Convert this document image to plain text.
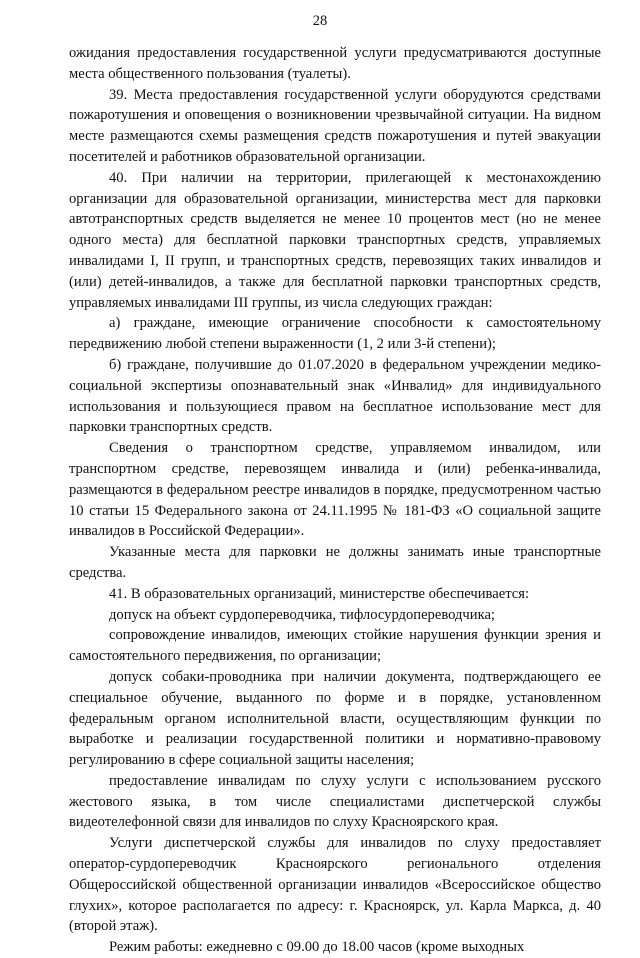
28

ожидания предоставления государственной услуги предусматриваются доступные места общественного пользования (туалеты).

39. Места предоставления государственной услуги оборудуются средствами пожаротушения и оповещения о возникновении чрезвычайной ситуации. На видном месте размещаются схемы размещения средств пожаротушения и путей эвакуации посетителей и работников образовательной организации.

40. При наличии на территории, прилегающей к местонахождению организации для образовательной организации, министерства мест для парковки автотранспортных средств выделяется не менее 10 процентов мест (но не менее одного места) для бесплатной парковки транспортных средств, управляемых инвалидами I, II групп, и транспортных средств, перевозящих таких инвалидов и (или) детей-инвалидов, а также для бесплатной парковки транспортных средств, управляемых инвалидами III группы, из числа следующих граждан:

а) граждане, имеющие ограничение способности к самостоятельному передвижению любой степени выраженности (1, 2 или 3-й степени);

б) граждане, получившие до 01.07.2020 в федеральном учреждении медико-социальной экспертизы опознавательный знак «Инвалид» для индивидуального использования и пользующиеся правом на бесплатное использование мест для парковки транспортных средств.

Сведения о транспортном средстве, управляемом инвалидом, или транспортном средстве, перевозящем инвалида и (или) ребенка-инвалида, размещаются в федеральном реестре инвалидов в порядке, предусмотренном частью 10 статьи 15 Федерального закона от 24.11.1995 № 181-ФЗ «О социальной защите инвалидов в Российской Федерации».

Указанные места для парковки не должны занимать иные транспортные средства.

41. В образовательных организаций, министерстве обеспечивается:

допуск на объект сурдопереводчика, тифлосурдопереводчика;

сопровождение инвалидов, имеющих стойкие нарушения функции зрения и самостоятельного передвижения, по организации;

допуск собаки-проводника при наличии документа, подтверждающего ее специальное обучение, выданного по форме и в порядке, установленном федеральным органом исполнительной власти, осуществляющим функции по выработке и реализации государственной политики и нормативно-правовому регулированию в сфере социальной защиты населения;

предоставление инвалидам по слуху услуги с использованием русского жестового языка, в том числе специалистами диспетчерской службы видеотелефонной связи для инвалидов по слуху Красноярского края.

Услуги диспетчерской службы для инвалидов по слуху предоставляет оператор-сурдопереводчик Красноярского регионального отделения Общероссийской общественной организации инвалидов «Всероссийское общество глухих», которое располагается по адресу: г. Красноярск, ул. Карла Маркса, д. 40 (второй этаж).

Режим работы: ежедневно с 09.00 до 18.00 часов (кроме выходных
